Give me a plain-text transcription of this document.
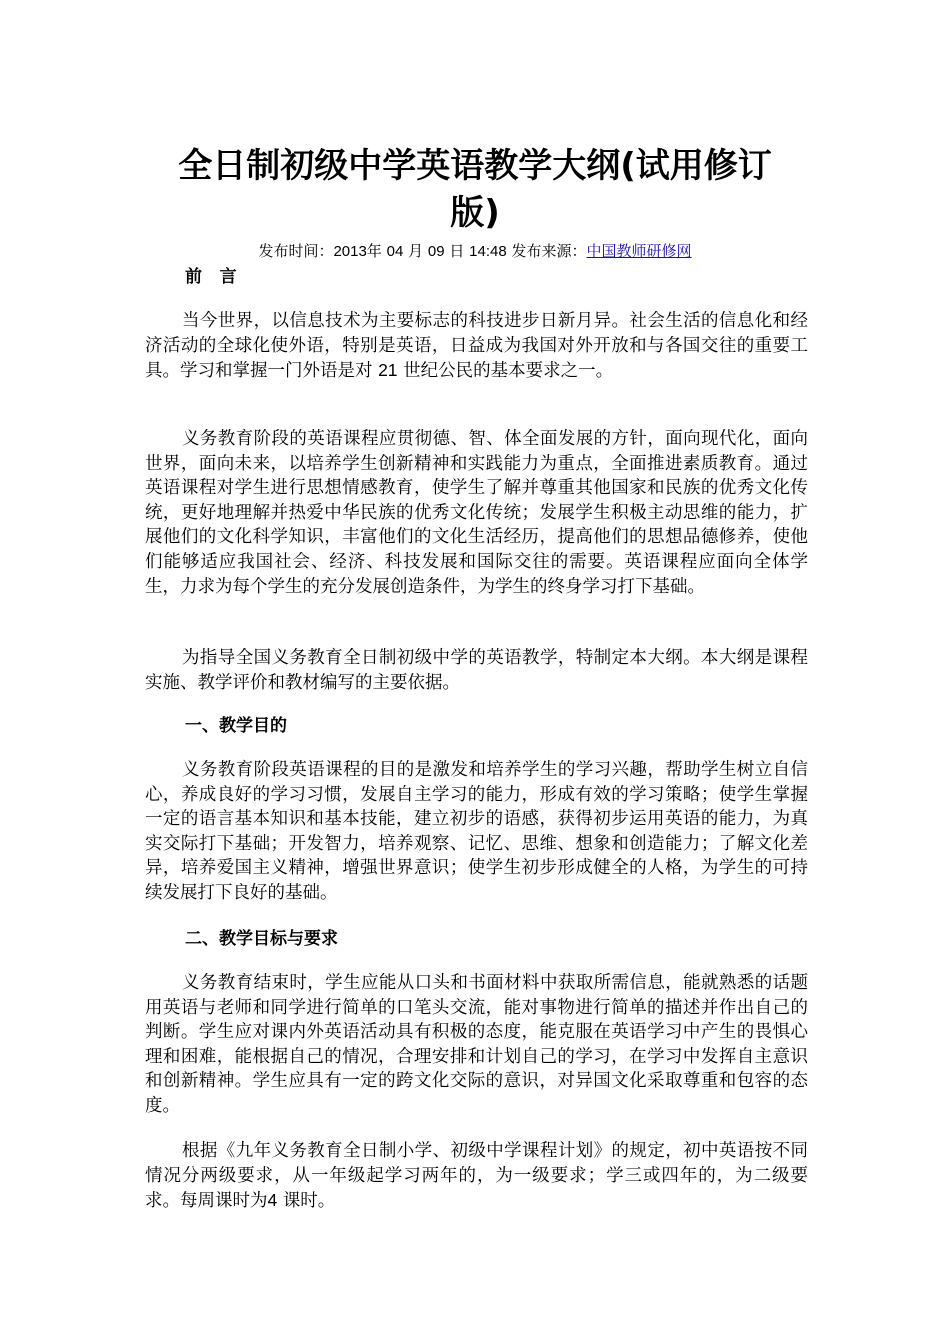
全日制初级中学英语教学大纲(试用修订
版)
发布时间：2013年 04 月 09 日 14:48 发布来源：中国教师研修网
前　言

当今世界，以信息技术为主要标志的科技进步日新月异。社会生活的信息化和经济活动的全球化使外语，特别是英语，日益成为我国对外开放和与各国交往的重要工具。学习和掌握一门外语是对 21 世纪公民的基本要求之一。

义务教育阶段的英语课程应贯彻德、智、体全面发展的方针，面向现代化，面向世界，面向未来，以培养学生创新精神和实践能力为重点，全面推进素质教育。通过英语课程对学生进行思想情感教育，使学生了解并尊重其他国家和民族的优秀文化传统，更好地理解并热爱中华民族的优秀文化传统；发展学生积极主动思维的能力，扩展他们的文化科学知识，丰富他们的文化生活经历，提高他们的思想品德修养，使他们能够适应我国社会、经济、科技发展和国际交往的需要。英语课程应面向全体学生，力求为每个学生的充分发展创造条件，为学生的终身学习打下基础。

为指导全国义务教育全日制初级中学的英语教学，特制定本大纲。本大纲是课程实施、教学评价和教材编写的主要依据。

一、教学目的

义务教育阶段英语课程的目的是激发和培养学生的学习兴趣，帮助学生树立自信心，养成良好的学习习惯，发展自主学习的能力，形成有效的学习策略；使学生掌握一定的语言基本知识和基本技能，建立初步的语感，获得初步运用英语的能力，为真实交际打下基础；开发智力，培养观察、记忆、思维、想象和创造能力；了解文化差异，培养爱国主义精神，增强世界意识；使学生初步形成健全的人格，为学生的可持续发展打下良好的基础。

二、教学目标与要求

义务教育结束时，学生应能从口头和书面材料中获取所需信息，能就熟悉的话题用英语与老师和同学进行简单的口笔头交流，能对事物进行简单的描述并作出自己的判断。学生应对课内外英语活动具有积极的态度，能克服在英语学习中产生的畏惧心理和困难，能根据自己的情况，合理安排和计划自己的学习，在学习中发挥自主意识和创新精神。学生应具有一定的跨文化交际的意识，对异国文化采取尊重和包容的态度。

根据《九年义务教育全日制小学、初级中学课程计划》的规定，初中英语按不同情况分两级要求，从一年级起学习两年的，为一级要求；学三或四年的，为二级要求。每周课时为4 课时。
